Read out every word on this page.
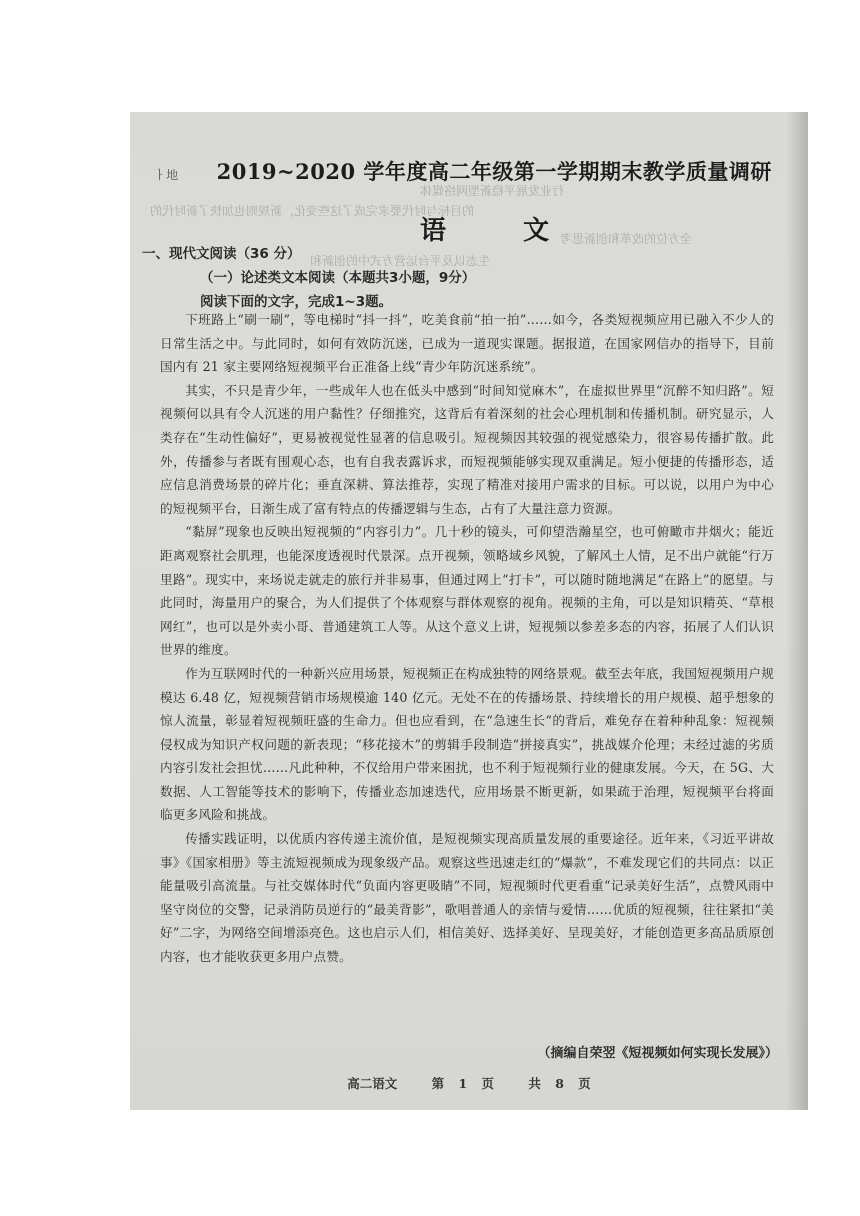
行业发展平稳新型网络媒体
的目标与时代要求完成了这些变化，新规则也加快了新时代的
全方位的改革和创新思考
生态以及平台运营方式中的创新和
ㅏ地 2019~2020 学年度高二年级第一学期期末教学质量调研
语 文
一、现代文阅读（36 分）
（一）论述类文本阅读（本题共3小题，9分）
阅读下面的文字，完成1~3题。

下班路上“刷一刷”，等电梯时“抖一抖”，吃美食前“拍一拍”……如今，各类短视频应用已融入不少人的日常生活之中。与此同时，如何有效防沉迷，已成为一道现实课题。据报道，在国家网信办的指导下，目前国内有 21 家主要网络短视频平台正准备上线“青少年防沉迷系统”。

其实，不只是青少年，一些成年人也在低头中感到“时间知觉麻木”，在虚拟世界里“沉醉不知归路”。短视频何以具有令人沉迷的用户黏性？仔细推究，这背后有着深刻的社会心理机制和传播机制。研究显示，人类存在“生动性偏好”，更易被视觉性显著的信息吸引。短视频因其较强的视觉感染力，很容易传播扩散。此外，传播参与者既有围观心态，也有自我表露诉求，而短视频能够实现双重满足。短小便捷的传播形态，适应信息消费场景的碎片化；垂直深耕、算法推荐，实现了精准对接用户需求的目标。可以说，以用户为中心的短视频平台，日渐生成了富有特点的传播逻辑与生态，占有了大量注意力资源。

“黏屏”现象也反映出短视频的“内容引力”。几十秒的镜头，可仰望浩瀚星空，也可俯瞰市井烟火；能近距离观察社会肌理，也能深度透视时代景深。点开视频，领略域乡风貌，了解风土人情，足不出户就能“行万里路”。现实中，来场说走就走的旅行并非易事，但通过网上“打卡”，可以随时随地满足“在路上”的愿望。与此同时，海量用户的聚合，为人们提供了个体观察与群体观察的视角。视频的主角，可以是知识精英、“草根网红”，也可以是外卖小哥、普通建筑工人等。从这个意义上讲，短视频以参差多态的内容，拓展了人们认识世界的维度。

作为互联网时代的一种新兴应用场景，短视频正在构成独特的网络景观。截至去年底，我国短视频用户规模达 6.48 亿，短视频营销市场规模逾 140 亿元。无处不在的传播场景、持续增长的用户规模、超乎想象的惊人流量，彰显着短视频旺盛的生命力。但也应看到，在“急速生长”的背后，难免存在着种种乱象：短视频侵权成为知识产权问题的新表现；“移花接木”的剪辑手段制造“拼接真实”，挑战媒介伦理；未经过滤的劣质内容引发社会担忧……凡此种种，不仅给用户带来困扰，也不利于短视频行业的健康发展。今天，在 5G、大数据、人工智能等技术的影响下，传播业态加速迭代，应用场景不断更新，如果疏于治理，短视频平台将面临更多风险和挑战。

传播实践证明，以优质内容传递主流价值，是短视频实现高质量发展的重要途径。近年来，《习近平讲故事》《国家相册》等主流短视频成为现象级产品。观察这些迅速走红的“爆款”，不难发现它们的共同点：以正能量吸引高流量。与社交媒体时代“负面内容更吸睛”不同，短视频时代更看重“记录美好生活”，点赞风雨中坚守岗位的交警，记录消防员逆行的“最美背影”，歌唱普通人的亲情与爱情……优质的短视频，往往紧扣“美好”二字，为网络空间增添亮色。这也启示人们，相信美好、选择美好、呈现美好，才能创造更多高品质原创内容，也才能收获更多用户点赞。

（摘编自荣翌《短视频如何实现长发展》）
高二语文	第 1 页	共 8 页
